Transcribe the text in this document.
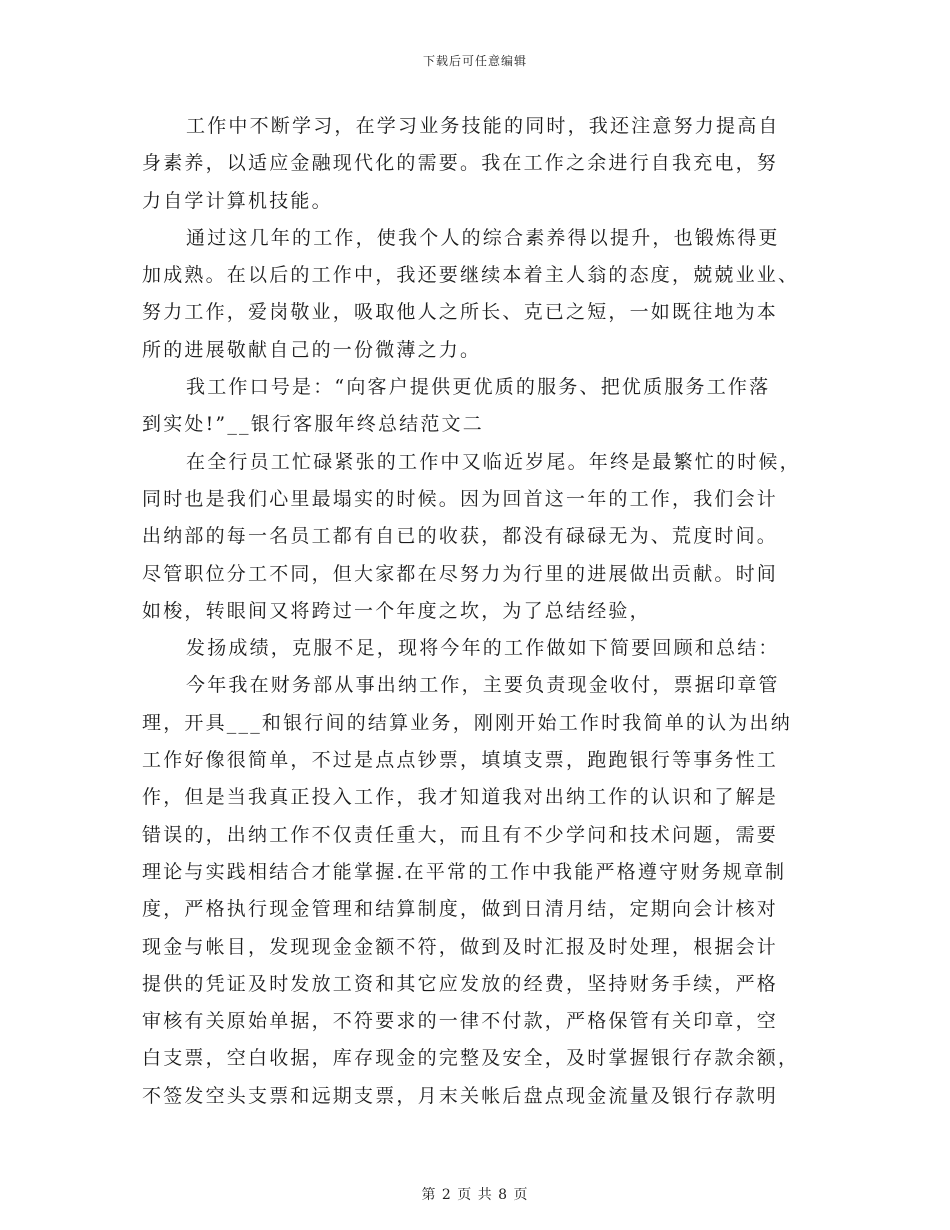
下载后可任意编辑
工作中不断学习，在学习业务技能的同时，我还注意努力提高自
身素养，以适应金融现代化的需要。我在工作之余进行自我充电，努
力自学计算机技能。
通过这几年的工作，使我个人的综合素养得以提升，也锻炼得更
加成熟。在以后的工作中，我还要继续本着主人翁的态度，兢兢业业、
努力工作，爱岗敬业，吸取他人之所长、克已之短，一如既往地为本
所的进展敬献自己的一份微薄之力。
我工作口号是：“向客户提供更优质的服务、把优质服务工作落
到实处!”__银行客服年终总结范文二
在全行员工忙碌紧张的工作中又临近岁尾。年终是最繁忙的时候，
同时也是我们心里最塌实的时候。因为回首这一年的工作，我们会计
出纳部的每一名员工都有自已的收获，都没有碌碌无为、荒度时间。
尽管职位分工不同，但大家都在尽努力为行里的进展做出贡献。时间
如梭，转眼间又将跨过一个年度之坎，为了总结经验，
发扬成绩，克服不足，现将今年的工作做如下简要回顾和总结：
今年我在财务部从事出纳工作，主要负责现金收付，票据印章管
理，开具___和银行间的结算业务，刚刚开始工作时我简单的认为出纳
工作好像很简单，不过是点点钞票，填填支票，跑跑银行等事务性工
作，但是当我真正投入工作，我才知道我对出纳工作的认识和了解是
错误的，出纳工作不仅责任重大，而且有不少学问和技术问题，需要
理论与实践相结合才能掌握.在平常的工作中我能严格遵守财务规章制
度，严格执行现金管理和结算制度，做到日清月结，定期向会计核对
现金与帐目，发现现金金额不符，做到及时汇报及时处理，根据会计
提供的凭证及时发放工资和其它应发放的经费，坚持财务手续，严格
审核有关原始单据，不符要求的一律不付款，严格保管有关印章，空
白支票，空白收据，库存现金的完整及安全，及时掌握银行存款余额，
不签发空头支票和远期支票，月末关帐后盘点现金流量及银行存款明
第 2 页 共 8 页
